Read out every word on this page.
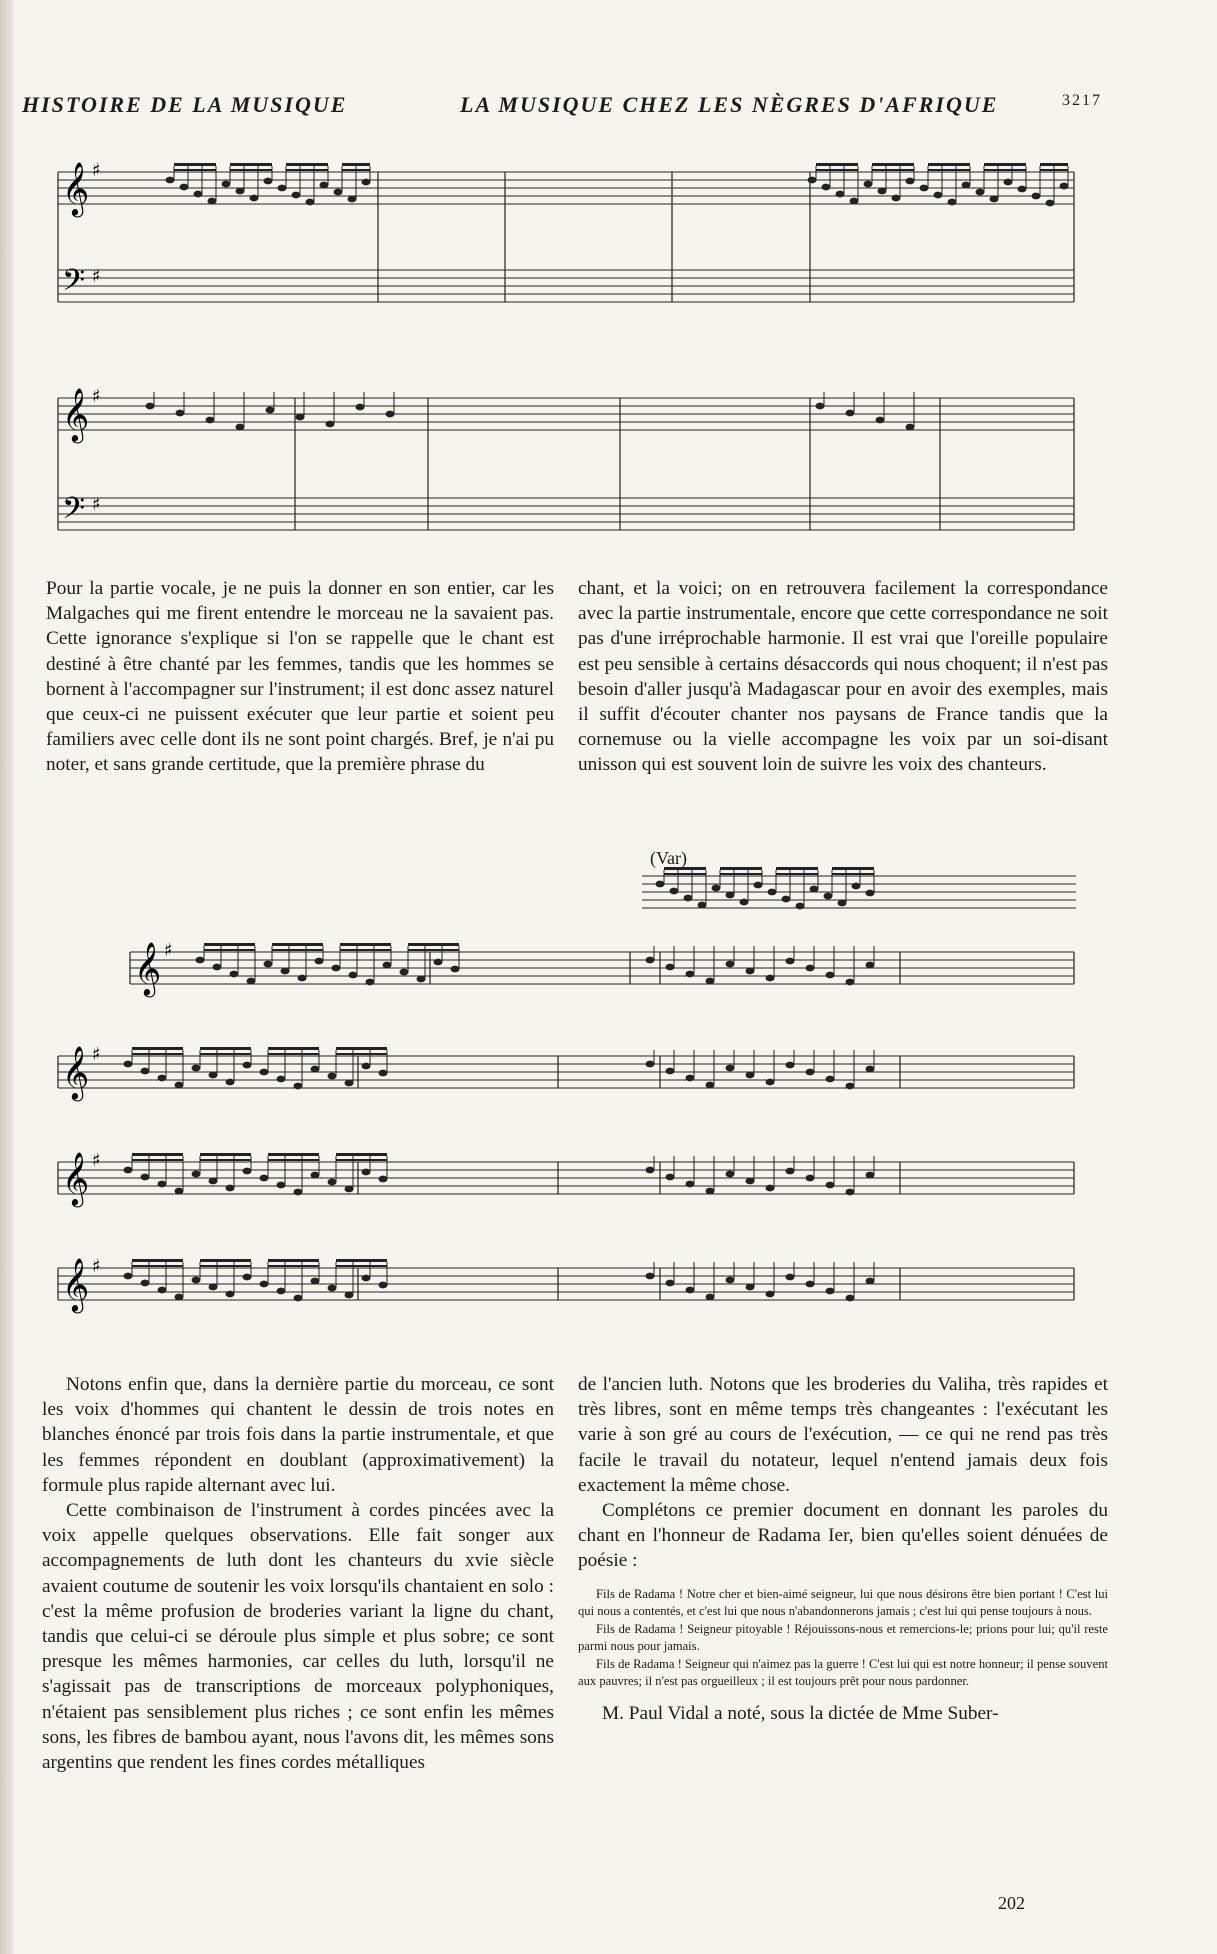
HISTOIRE DE LA MUSIQUE	LA MUSIQUE CHEZ LES NÈGRES D'AFRIQUE	3217
𝄞 ♯
𝄢 ♯
𝄞 ♯
𝄢 ♯
𝄞 ♯
𝄞 ♯
𝄞 ♯
𝄞 ♯

Pour la partie vocale, je ne puis la donner en son entier, car les Malgaches qui me firent entendre le morceau ne la savaient pas. Cette ignorance s'explique si l'on se rappelle que le chant est destiné à être chanté par les femmes, tandis que les hommes se bornent à l'accompagner sur l'instrument; il est donc assez naturel que ceux-ci ne puissent exécuter que leur partie et soient peu familiers avec celle dont ils ne sont point chargés. Bref, je n'ai pu noter, et sans grande certitude, que la première phrase du

chant, et la voici; on en retrouvera facilement la correspondance avec la partie instrumentale, encore que cette correspondance ne soit pas d'une irréprochable harmonie. Il est vrai que l'oreille populaire est peu sensible à certains désaccords qui nous choquent; il n'est pas besoin d'aller jusqu'à Madagascar pour en avoir des exemples, mais il suffit d'écouter chanter nos paysans de France tandis que la cornemuse ou la vielle accompagne les voix par un soi-disant unisson qui est souvent loin de suivre les voix des chanteurs.

(Var)

Notons enfin que, dans la dernière partie du morceau, ce sont les voix d'hommes qui chantent le dessin de trois notes en blanches énoncé par trois fois dans la partie instrumentale, et que les femmes répondent en doublant (approximativement) la formule plus rapide alternant avec lui.

Cette combinaison de l'instrument à cordes pincées avec la voix appelle quelques observations. Elle fait songer aux accompagnements de luth dont les chanteurs du xvie siècle avaient coutume de soutenir les voix lorsqu'ils chantaient en solo : c'est la même profusion de broderies variant la ligne du chant, tandis que celui-ci se déroule plus simple et plus sobre; ce sont presque les mêmes harmonies, car celles du luth, lorsqu'il ne s'agissait pas de transcriptions de morceaux polyphoniques, n'étaient pas sensiblement plus riches ; ce sont enfin les mêmes sons, les fibres de bambou ayant, nous l'avons dit, les mêmes sons argentins que rendent les fines cordes métalliques

de l'ancien luth. Notons que les broderies du Valiha, très rapides et très libres, sont en même temps très changeantes : l'exécutant les varie à son gré au cours de l'exécution, — ce qui ne rend pas très facile le travail du notateur, lequel n'entend jamais deux fois exactement la même chose.

Complétons ce premier document en donnant les paroles du chant en l'honneur de Radama Ier, bien qu'elles soient dénuées de poésie :

Fils de Radama ! Notre cher et bien-aimé seigneur, lui que nous désirons être bien portant ! C'est lui qui nous a contentés, et c'est lui que nous n'abandonnerons jamais ; c'est lui qui pense toujours à nous.

Fils de Radama ! Seigneur pitoyable ! Réjouissons-nous et remercions-le; prions pour lui; qu'il reste parmi nous pour jamais.

Fils de Radama ! Seigneur qui n'aimez pas la guerre ! C'est lui qui est notre honneur; il pense souvent aux pauvres; il n'est pas orgueilleux ; il est toujours prêt pour nous pardonner.

M. Paul Vidal a noté, sous la dictée de Mme Suber-

202
